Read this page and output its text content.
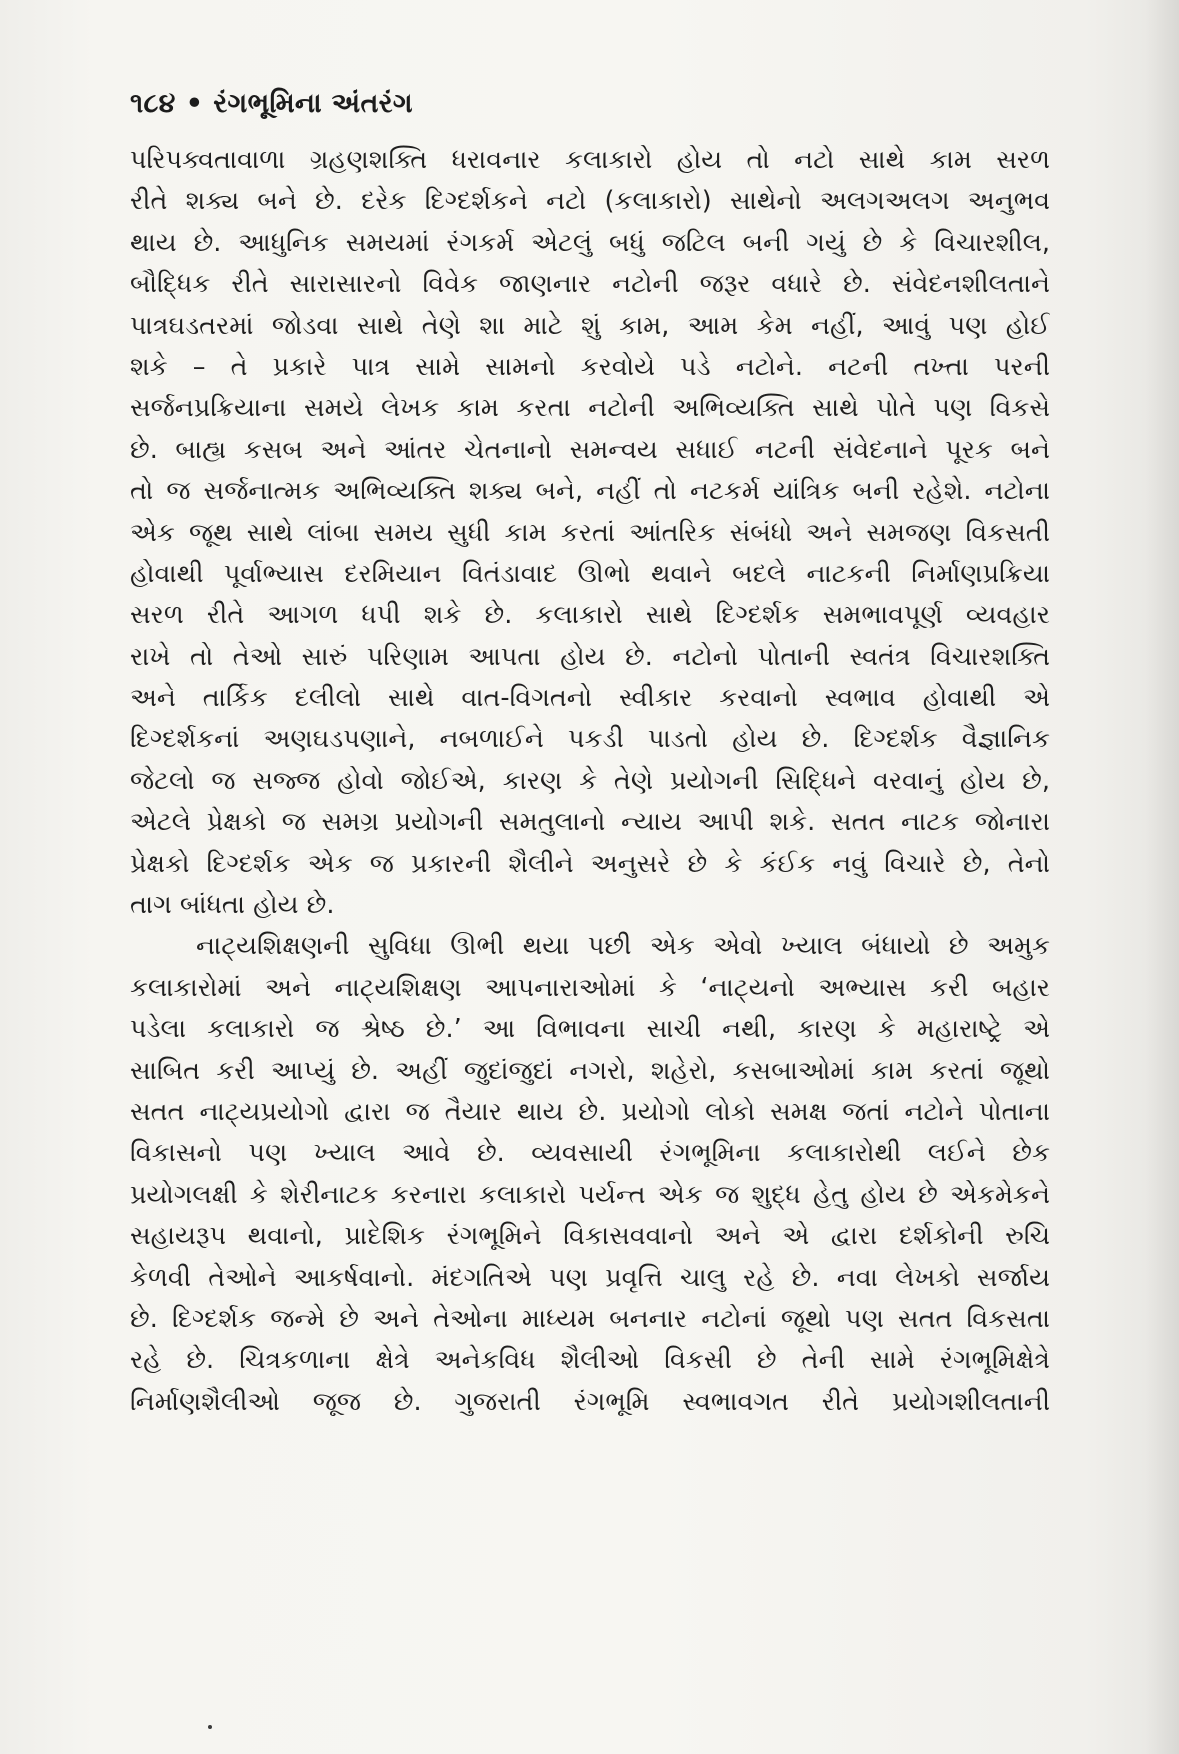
૧૮૪ • રંગભૂમિના અંતરંગ
પરિપક્વતાવાળા ગ્રહણશક્તિ ધરાવનાર કલાકારો હોય તો નટો સાથે કામ સરળ
રીતે શક્ય બને છે. દરેક દિગ્દર્શકને નટો (કલાકારો) સાથેનો અલગઅલગ અનુભવ
થાય છે. આધુનિક સમયમાં રંગકર્મ એટલું બધું જટિલ બની ગયું છે કે વિચારશીલ,
બૌદ્ધિક રીતે સારાસારનો વિવેક જાણનાર નટોની જરૂર વધારે છે. સંવેદનશીલતાને
પાત્રઘડતરમાં જોડવા સાથે તેણે શા માટે શું કામ, આમ કેમ નહીં, આવું પણ હોઈ
શકે – તે પ્રકારે પાત્ર સામે સામનો કરવોયે પડે નટોને. નટની તખ્તા પરની
સર્જનપ્રક્રિયાના સમયે લેખક કામ કરતા નટોની અભિવ્યક્તિ સાથે પોતે પણ વિકસે
છે. બાહ્ય કસબ અને આંતર ચેતનાનો સમન્વય સધાઈ નટની સંવેદનાને પૂરક બને
તો જ સર્જનાત્મક અભિવ્યક્તિ શક્ય બને, નહીં તો નટકર્મ યાંત્રિક બની રહેશે. નટોના
એક જૂથ સાથે લાંબા સમય સુધી કામ કરતાં આંતરિક સંબંધો અને સમજણ વિકસતી
હોવાથી પૂર્વાભ્યાસ દરમિયાન વિતંડાવાદ ઊભો થવાને બદલે નાટકની નિર્માણપ્રક્રિયા
સરળ રીતે આગળ ધપી શકે છે. કલાકારો સાથે દિગ્દર્શક સમભાવપૂર્ણ વ્યવહાર
રાખે તો તેઓ સારું પરિણામ આપતા હોય છે. નટોનો પોતાની સ્વતંત્ર વિચારશક્તિ
અને તાર્કિક દલીલો સાથે વાત-વિગતનો સ્વીકાર કરવાનો સ્વભાવ હોવાથી એ
દિગ્દર્શકનાં અણઘડપણાને, નબળાઈને પકડી પાડતો હોય છે. દિગ્દર્શક વૈજ્ઞાનિક
જેટલો જ સજ્જ હોવો જોઈએ, કારણ કે તેણે પ્રયોગની સિદ્ધિને વરવાનું હોય છે,
એટલે પ્રેક્ષકો જ સમગ્ર પ્રયોગની સમતુલાનો ન્યાય આપી શકે. સતત નાટક જોનારા
પ્રેક્ષકો દિગ્દર્શક એક જ પ્રકારની શૈલીને અનુસરે છે કે કંઈક નવું વિચારે છે, તેનો
તાગ બાંધતા હોય છે.
નાટ્યશિક્ષણની સુવિધા ઊભી થયા પછી એક એવો ખ્યાલ બંધાયો છે અમુક
કલાકારોમાં અને નાટ્યશિક્ષણ આપનારાઓમાં કે ‘નાટ્યનો અભ્યાસ કરી બહાર
પડેલા કલાકારો જ શ્રેષ્ઠ છે.’ આ વિભાવના સાચી નથી, કારણ કે મહારાષ્ટ્રે એ
સાબિત કરી આપ્યું છે. અહીં જુદાંજુદાં નગરો, શહેરો, કસબાઓમાં કામ કરતાં જૂથો
સતત નાટ્યપ્રયોગો દ્વારા જ તૈયાર થાય છે. પ્રયોગો લોકો સમક્ષ જતાં નટોને પોતાના
વિકાસનો પણ ખ્યાલ આવે છે. વ્યવસાયી રંગભૂમિના કલાકારોથી લઈને છેક
પ્રયોગલક્ષી કે શેરીનાટક કરનારા કલાકારો પર્યન્ત એક જ શુદ્ધ હેતુ હોય છે એકમેકને
સહાયરૂપ થવાનો, પ્રાદેશિક રંગભૂમિને વિકાસવવાનો અને એ દ્વારા દર્શકોની રુચિ
કેળવી તેઓને આકર્ષવાનો. મંદગતિએ પણ પ્રવૃત્તિ ચાલુ રહે છે. નવા લેખકો સર્જાય
છે. દિગ્દર્શક જન્મે છે અને તેઓના માધ્યમ બનનાર નટોનાં જૂથો પણ સતત વિકસતા
રહે છે. ચિત્રકળાના ક્ષેત્રે અનેકવિધ શૈલીઓ વિકસી છે તેની સામે રંગભૂમિક્ષેત્રે
નિર્માણશૈલીઓ જૂજ છે. ગુજરાતી રંગભૂમિ સ્વભાવગત રીતે પ્રયોગશીલતાની
